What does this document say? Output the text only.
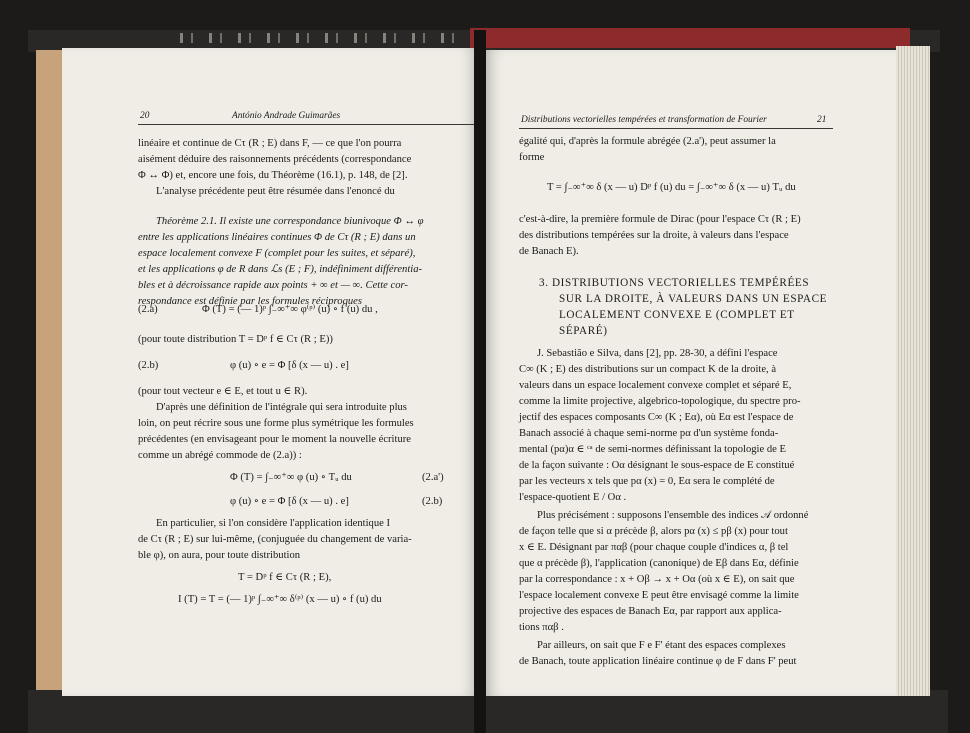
20	António Andrade Guimarães
linéaire et continue de Cτ (R ; E) dans F, — ce que l'on pourra
aisément déduire des raisonnements précédents (correspondance
Φ ↔ Φ) et, encore une fois, du Théorème (16.1), p. 148, de [2].
L'analyse précédente peut être résumée dans l'enoncé du
Théorème 2.1. Il existe une correspondance biunivoque Φ ↔ φ
entre les applications linéaires continues Φ de Cτ (R ; E) dans un
espace localement convexe F (complet pour les suites, et séparé),
et les applications φ de R dans ℒs (E ; F), indéfiniment différentia-
bles et à décroissance rapide aux points + ∞ et — ∞. Cette cor-
respondance est définie par les formules réciproques
(2.a)	Φ (T) = (— 1)ᵖ ∫₋∞⁺∞ φ⁽ᵖ⁾ (u) ∘ f (u) du ,
(pour toute distribution T = Dᵖ f ∈ Cτ (R ; E))
(2.b)	φ (u) ∘ e = Φ [δ (x — u) . e]
(pour tout vecteur e ∈ E, et tout u ∈ R).
D'après une définition de l'intégrale qui sera introduite plus
loin, on peut récrire sous une forme plus symétrique les formules
précédentes (en envisageant pour le moment la nouvelle écriture
comme un abrégé commode de (2.a)) :
Φ (T) = ∫₋∞⁺∞ φ (u) ∘ Tᵤ du	(2.a')
φ (u) ∘ e = Φ [δ (x — u) . e]	(2.b)
En particulier, si l'on considère l'application identique I
de Cτ (R ; E) sur lui-même, (conjuguée du changement de varia-
ble φ), on aura, pour toute distribution
T = Dᵖ f ∈ Cτ (R ; E),
I (T) = T = (— 1)ᵖ ∫₋∞⁺∞ δ⁽ᵖ⁾ (x — u) ∘ f (u) du
Distributions vectorielles tempérées et transformation de Fourier	21
égalité qui, d'après la formule abrégée (2.a'), peut assumer la
forme
T = ∫₋∞⁺∞ δ (x — u) Dᵖ f (u) du = ∫₋∞⁺∞ δ (x — u) Tᵤ du
c'est-à-dire, la première formule de Dirac (pour l'espace Cτ (R ; E)
des distributions tempérées sur la droite, à valeurs dans l'espace
de Banach E).
3. DISTRIBUTIONS VECTORIELLES TEMPÉRÉES
SUR LA DROITE, À VALEURS DANS UN ESPACE
LOCALEMENT CONVEXE E (COMPLET ET
SÉPARÉ)
J. Sebastião e Silva, dans [2], pp. 28-30, a défini l'espace
C∞ (K ; E) des distributions sur un compact K de la droite, à
valeurs dans un espace localement convexe complet et séparé E,
comme la limite projective, algebrico-topologique, du spectre pro-
jectif des espaces composants C∞ (K ; Eα), où Eα est l'espace de
Banach associé à chaque semi-norme pα d'un système fonda-
mental (pα)α ∈ ᶜᵃ de semi-normes définissant la topologie de E
de la façon suivante : Oα désignant le sous-espace de E constitué
par les vecteurs x tels que pα (x) = 0, Eα sera le complété de
l'espace-quotient E / Oα .
Plus précisément : supposons l'ensemble des indices 𝒜 ordonné
de façon telle que si α précède β, alors pα (x) ≤ pβ (x) pour tout
x ∈ E. Désignant par παβ (pour chaque couple d'indices α, β tel
que α précède β), l'application (canonique) de Eβ dans Eα, définie
par la correspondance : x + Oβ → x + Oα (où x ∈ E), on sait que
l'espace localement convexe E peut être envisagé comme la limite
projective des espaces de Banach Eα, par rapport aux applica-
tions παβ .
Par ailleurs, on sait que F e F' étant des espaces complexes
de Banach, toute application linéaire continue φ de F dans F' peut
